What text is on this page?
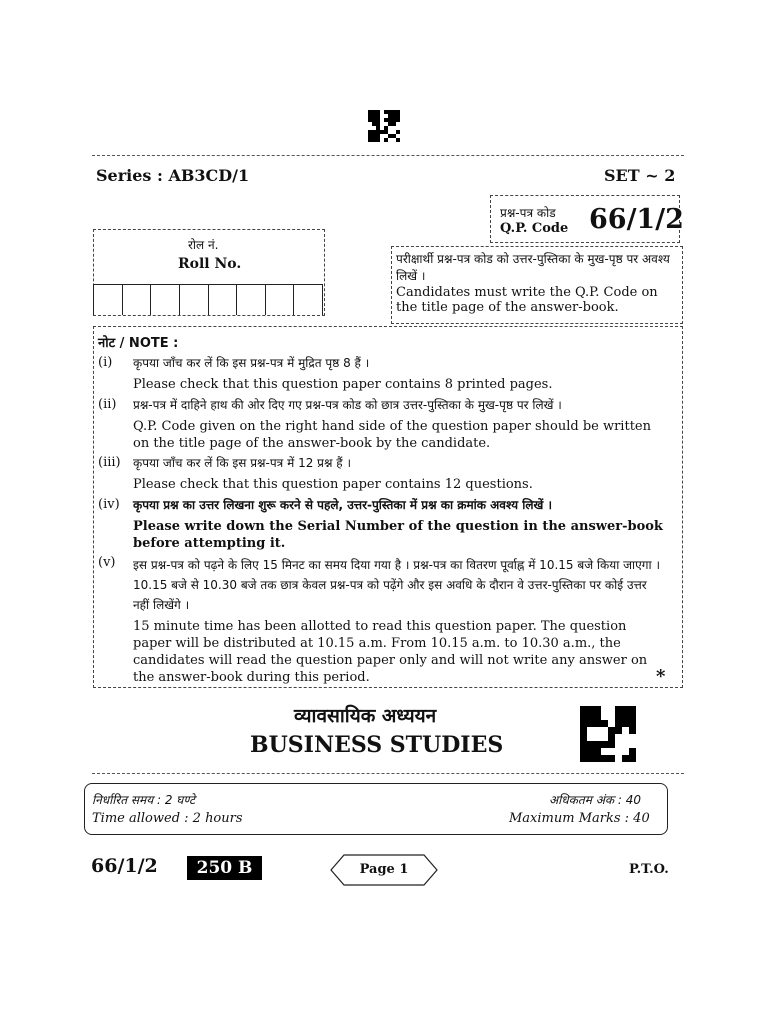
Series : AB3CD/1	SET ~ 2
प्रश्न-पत्र कोड
Q.P. Code 66/1/2
रोल नं.
Roll No.	परीक्षार्थी प्रश्न-पत्र कोड को उत्तर-पुस्तिका के मुख-पृष्ठ पर अवश्य लिखें ।
Candidates must write the Q.P. Code on the title page of the answer-book.
नोट / NOTE :
(i) कृपया जाँच कर लें कि इस प्रश्न-पत्र में मुद्रित पृष्ठ 8 हैं ।
Please check that this question paper contains 8 printed pages.
(ii) प्रश्न-पत्र में दाहिने हाथ की ओर दिए गए प्रश्न-पत्र कोड को छात्र उत्तर-पुस्तिका के मुख-पृष्ठ पर लिखें ।
Q.P. Code given on the right hand side of the question paper should be written on the title page of the answer-book by the candidate.
(iii) कृपया जाँच कर लें कि इस प्रश्न-पत्र में 12 प्रश्न हैं ।
Please check that this question paper contains 12 questions.
(iv) कृपया प्रश्न का उत्तर लिखना शुरू करने से पहले, उत्तर-पुस्तिका में प्रश्न का क्रमांक अवश्य लिखें ।
Please write down the Serial Number of the question in the answer-book before attempting it.
(v) इस प्रश्न-पत्र को पढ़ने के लिए 15 मिनट का समय दिया गया है । प्रश्न-पत्र का वितरण पूर्वाह्न में 10.15 बजे किया जाएगा । 10.15 बजे से 10.30 बजे तक छात्र केवल प्रश्न-पत्र को पढ़ेंगे और इस अवधि के दौरान वे उत्तर-पुस्तिका पर कोई उत्तर नहीं लिखेंगे ।
15 minute time has been allotted to read this question paper. The question paper will be distributed at 10.15 a.m. From 10.15 a.m. to 10.30 a.m., the candidates will read the question paper only and will not write any answer on the answer-book during this period.	*
व्यावसायिक अध्ययन
BUSINESS STUDIES
निर्धारित समय : 2 घण्टे
Time allowed : 2 hours
अधिकतम अंक : 40
Maximum Marks : 40
66/1/2	250 B	Page 1	P.T.O.
